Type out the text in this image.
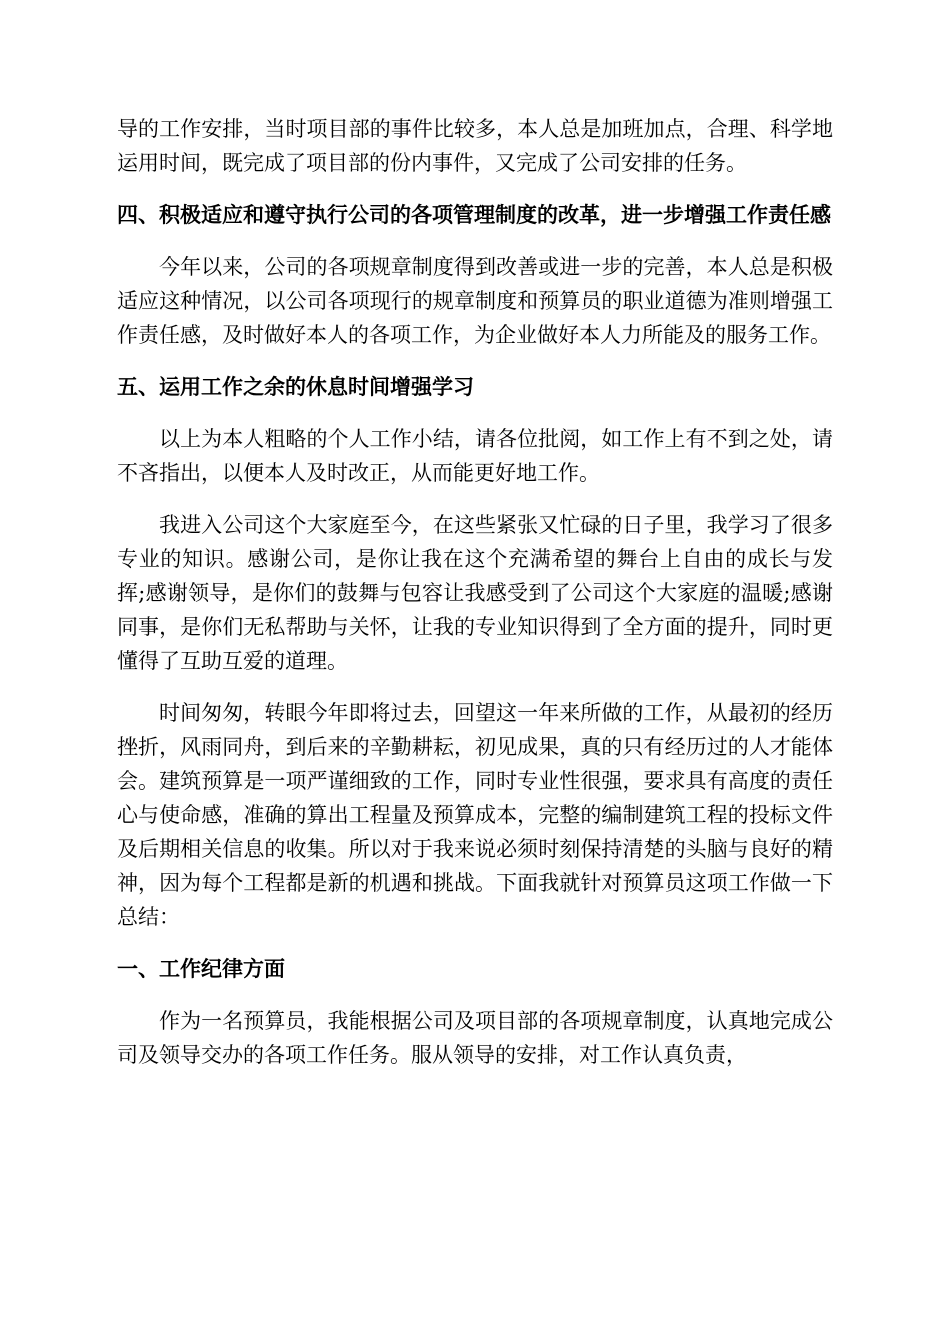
导的工作安排，当时项目部的事件比较多，本人总是加班加点，合理、科学地运用时间，既完成了项目部的份内事件，又完成了公司安排的任务。

四、积极适应和遵守执行公司的各项管理制度的改革，进一步增强工作责任感

今年以来，公司的各项规章制度得到改善或进一步的完善，本人总是积极适应这种情况，以公司各项现行的规章制度和预算员的职业道德为准则增强工作责任感，及时做好本人的各项工作，为企业做好本人力所能及的服务工作。

五、运用工作之余的休息时间增强学习

以上为本人粗略的个人工作小结，请各位批阅，如工作上有不到之处，请不吝指出，以便本人及时改正，从而能更好地工作。

我进入公司这个大家庭至今，在这些紧张又忙碌的日子里，我学习了很多专业的知识。感谢公司，是你让我在这个充满希望的舞台上自由的成长与发挥;感谢领导，是你们的鼓舞与包容让我感受到了公司这个大家庭的温暖;感谢同事，是你们无私帮助与关怀，让我的专业知识得到了全方面的提升，同时更懂得了互助互爱的道理。

时间匆匆，转眼今年即将过去，回望这一年来所做的工作，从最初的经历挫折，风雨同舟，到后来的辛勤耕耘，初见成果，真的只有经历过的人才能体会。建筑预算是一项严谨细致的工作，同时专业性很强，要求具有高度的责任心与使命感，准确的算出工程量及预算成本，完整的编制建筑工程的投标文件及后期相关信息的收集。所以对于我来说必须时刻保持清楚的头脑与良好的精神，因为每个工程都是新的机遇和挑战。下面我就针对预算员这项工作做一下总结：

一、工作纪律方面

作为一名预算员，我能根据公司及项目部的各项规章制度，认真地完成公司及领导交办的各项工作任务。服从领导的安排，对工作认真负责，
